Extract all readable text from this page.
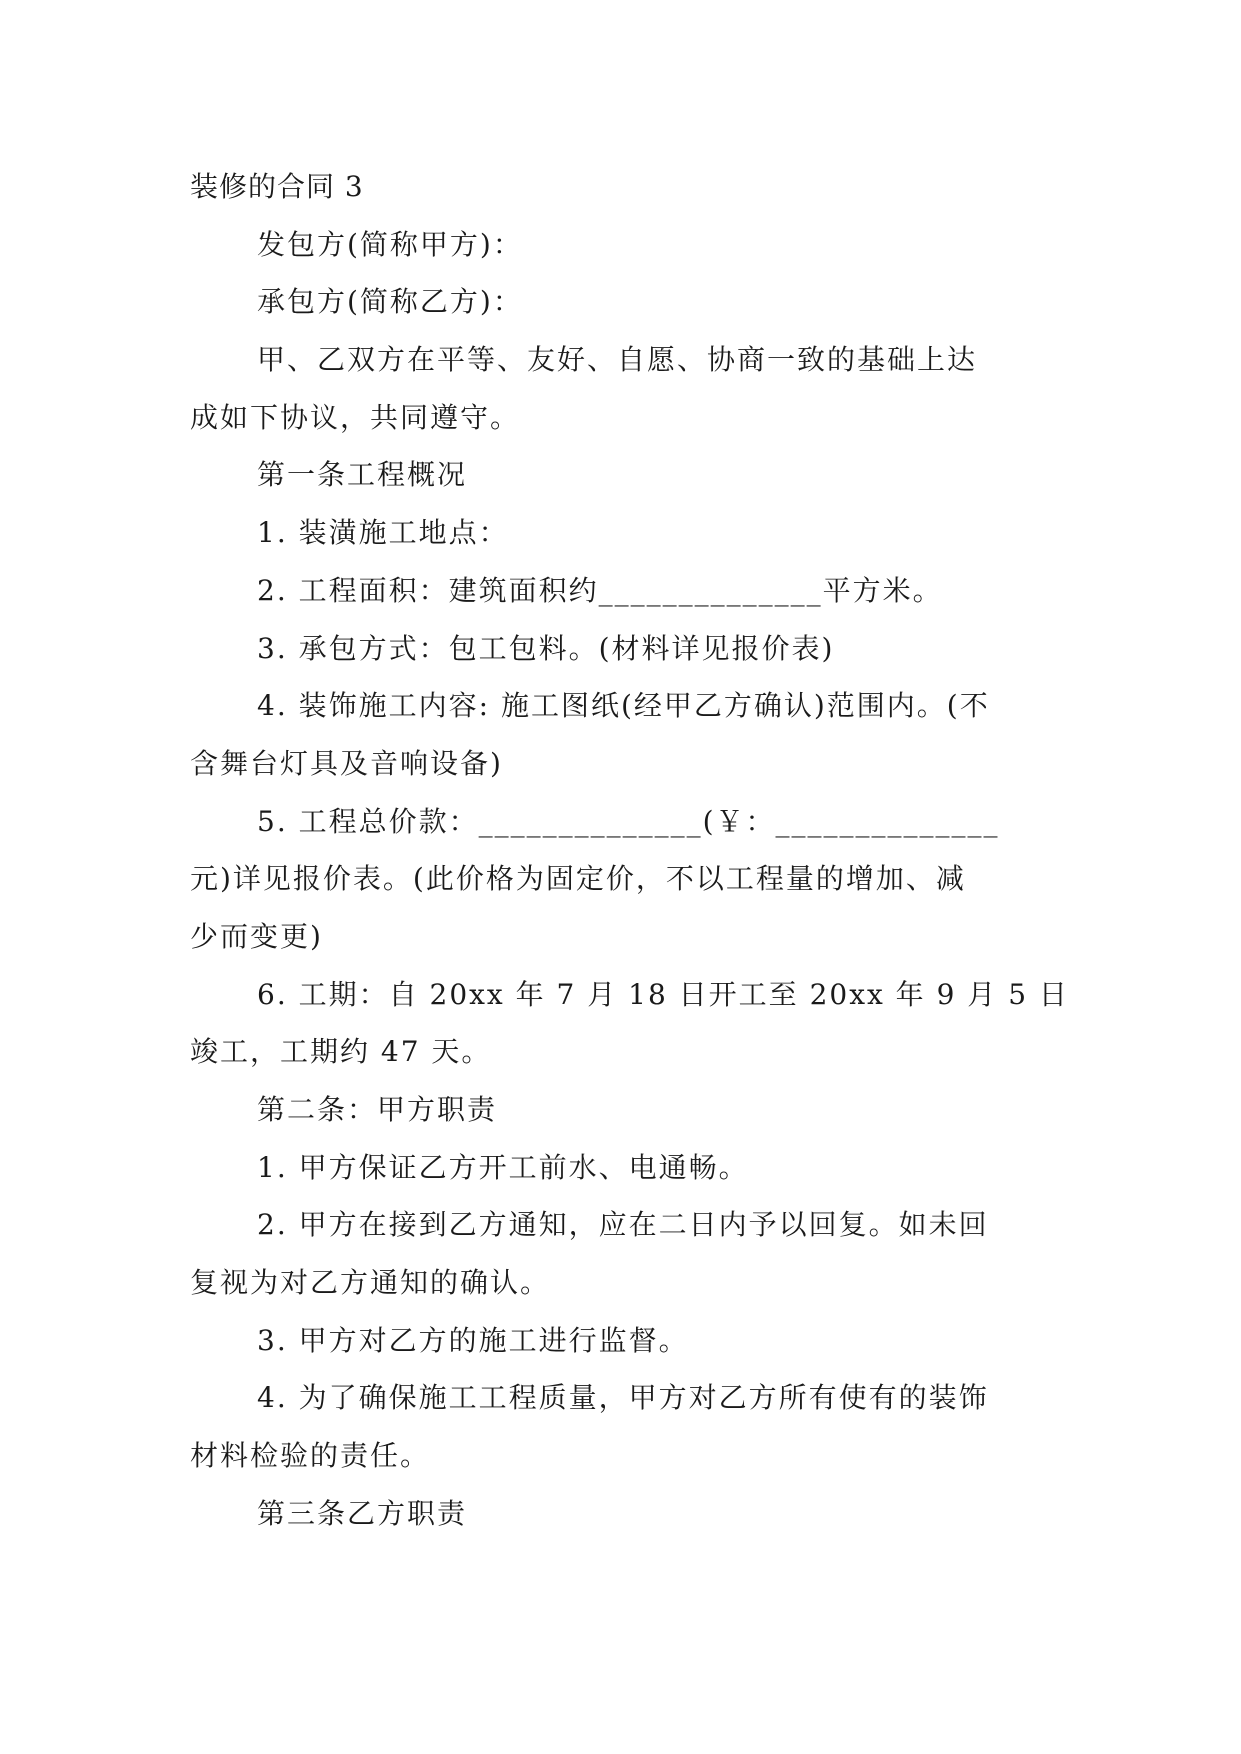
装修的合同 3
发包方(简称甲方)：
承包方(简称乙方)：
甲、乙双方在平等、友好、自愿、协商一致的基础上达
成如下协议，共同遵守。
第一条工程概况
1. 装潢施工地点：
2. 工程面积：建筑面积约______________平方米。
3. 承包方式：包工包料。(材料详见报价表)
4. 装饰施工内容: 施工图纸(经甲乙方确认)范围内。(不
含舞台灯具及音响设备)
5. 工程总价款：______________(￥：______________
元)详见报价表。(此价格为固定价，不以工程量的增加、减
少而变更)
6. 工期：自 20xx 年 7 月 18 日开工至 20xx 年 9 月 5 日
竣工，工期约 47 天。
第二条：甲方职责
1. 甲方保证乙方开工前水、电通畅。
2. 甲方在接到乙方通知，应在二日内予以回复。如未回
复视为对乙方通知的确认。
3. 甲方对乙方的施工进行监督。
4. 为了确保施工工程质量，甲方对乙方所有使有的装饰
材料检验的责任。
第三条乙方职责
